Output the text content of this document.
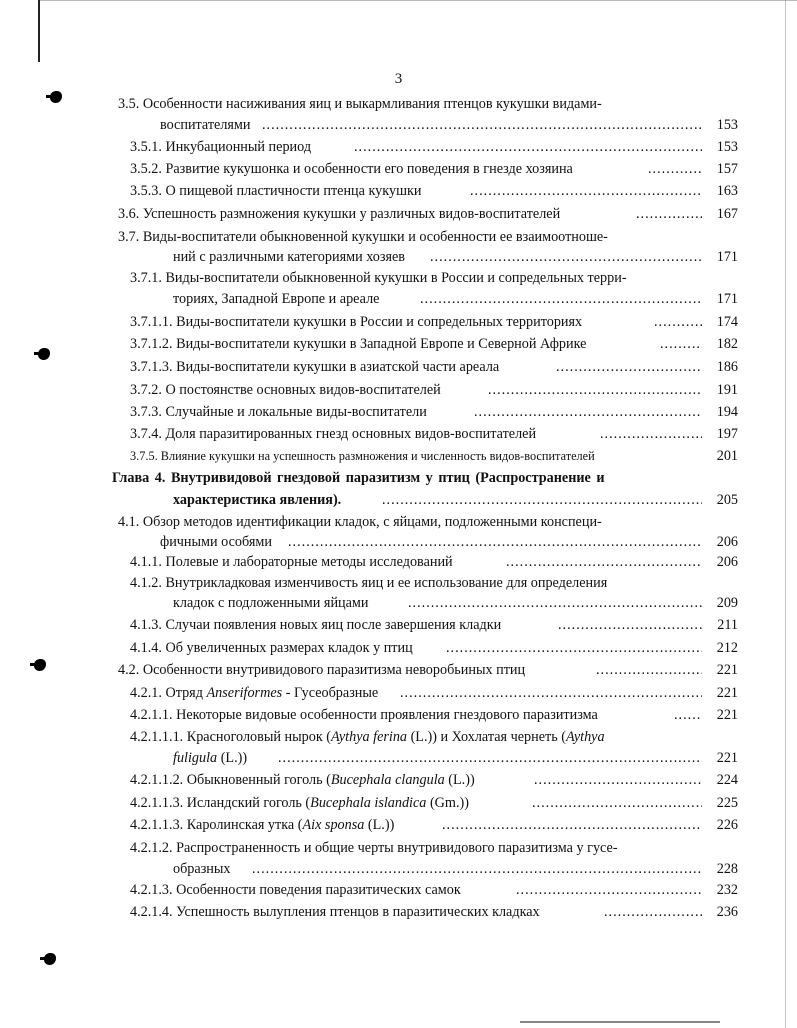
3
3.5. Особенности насиживания яиц и выкармливания птенцов кукушки видами-
воспитателями .....	153
3.5.1. Инкубационный период .....	153
3.5.2. Развитие кукушонка и особенности его поведения в гнезде хозяина .....	157
3.5.3. О пищевой пластичности птенца кукушки .....	163
3.6. Успешность размножения кукушки у различных видов-воспитателей .....	167
3.7. Виды-воспитатели обыкновенной кукушки и особенности ее взаимоотноше-
ний с различными категориями хозяев .....	171
3.7.1. Виды-воспитатели обыкновенной кукушки в России и сопредельных терри-
ториях, Западной Европе и ареале .....	171
3.7.1.1. Виды-воспитатели кукушки в России и сопредельных территориях .....	174
3.7.1.2. Виды-воспитатели кукушки в Западной Европе и Северной Африке .....	182
3.7.1.3. Виды-воспитатели кукушки в азиатской части ареала .....	186
3.7.2. О постоянстве основных видов-воспитателей .....	191
3.7.3. Случайные и локальные виды-воспитатели .....	194
3.7.4. Доля паразитированных гнезд основных видов-воспитателей .....	197
3.7.5. Влияние кукушки на успешность размножения и численность видов-воспитателей	201
Глава 4. Внутривидовой гнездовой паразитизм у птиц (Распространение и
характеристика явления). .....	205
4.1. Обзор методов идентификации кладок, с яйцами, подложенными конспеци-
фичными особями .....	206
4.1.1. Полевые и лабораторные методы исследований .....	206
4.1.2. Внутрикладковая изменчивость яиц и ее использование для определения
кладок с подложенными яйцами .....	209
4.1.3. Случаи появления новых яиц после завершения кладки .....	211
4.1.4. Об увеличенных размерах кладок у птиц .....	212
4.2. Особенности внутривидового паразитизма неворобьиных птиц .....	221
4.2.1. Отряд Anseriformes - Гусеобразные .....	221
4.2.1.1. Некоторые видовые особенности проявления гнездового паразитизма .....	221
4.2.1.1.1. Красноголовый нырок (Aythya ferina (L.)) и Хохлатая чернеть (Aythya
fuligula (L.)) .....	221
4.2.1.1.2. Обыкновенный гоголь (Bucephala clangula (L.)) .....	224
4.2.1.1.3. Исландский гоголь (Bucephala islandica (Gm.)) .....	225
4.2.1.1.3. Каролинская утка (Aix sponsa (L.)) .....	226
4.2.1.2. Распространенность и общие черты внутривидового паразитизма у гусе-
образных .....	228
4.2.1.3. Особенности поведения паразитических самок .....	232
4.2.1.4. Успешность вылупления птенцов в паразитических кладках .....	236
